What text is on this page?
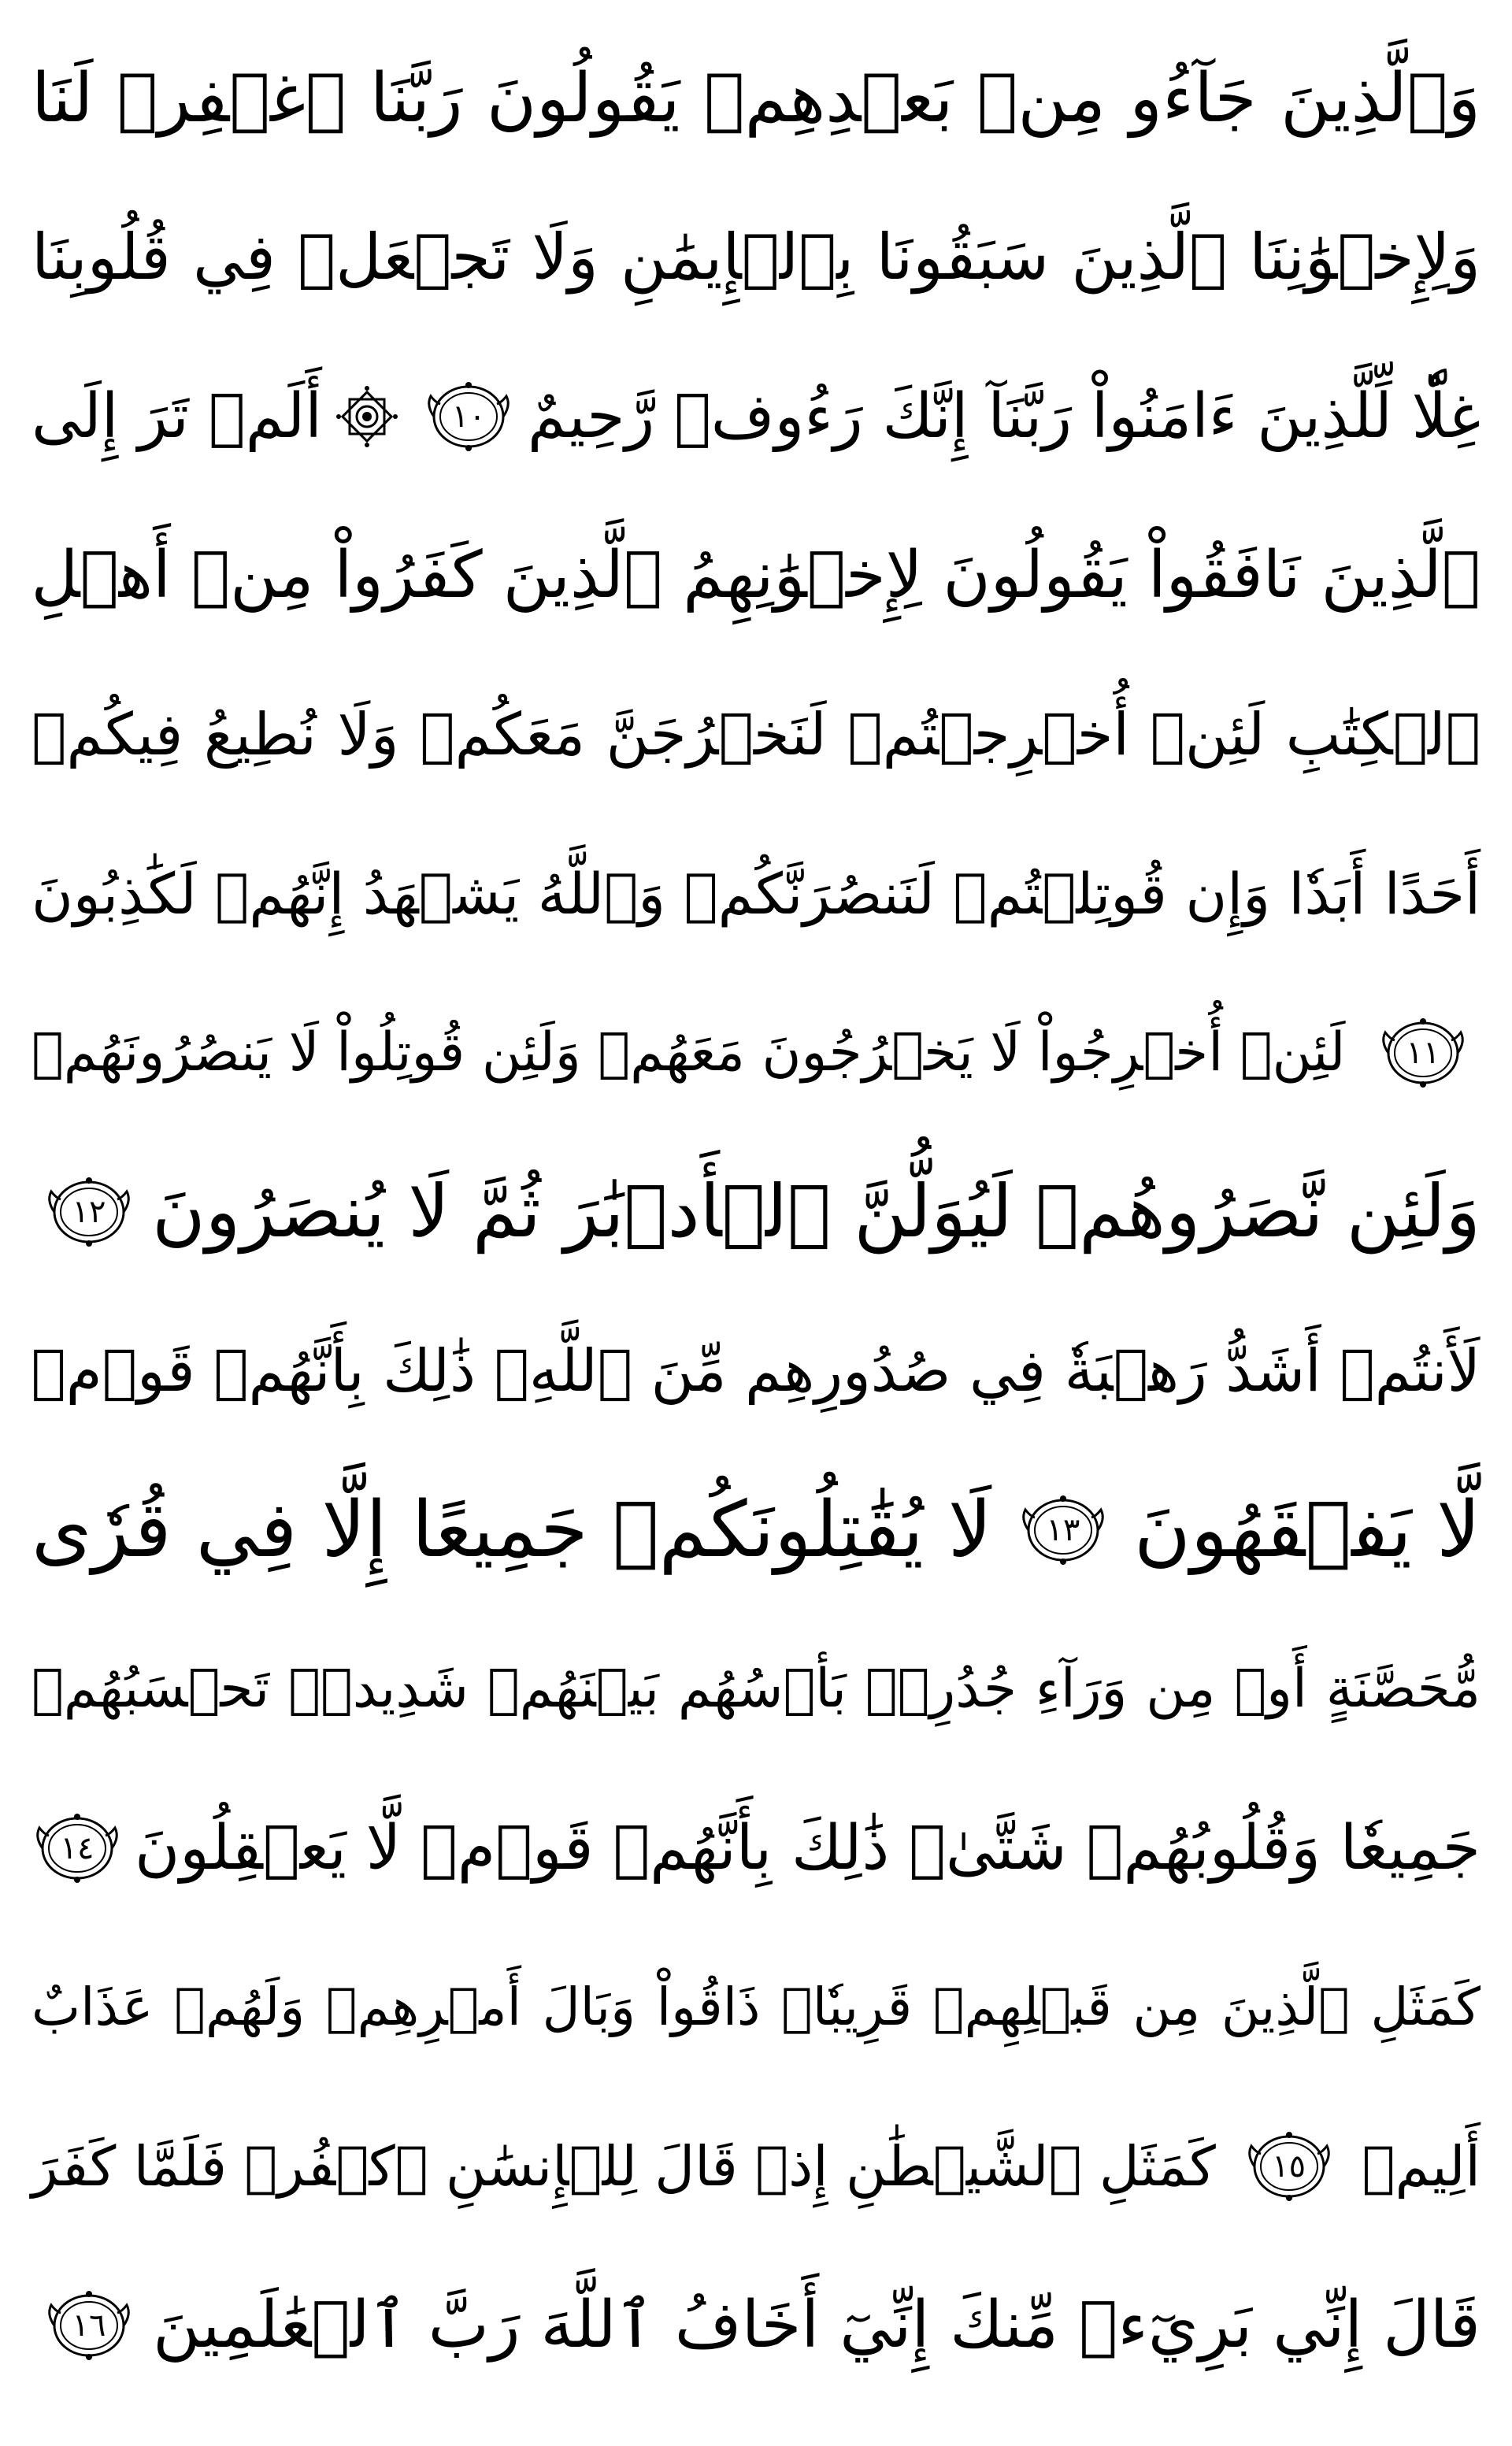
وَٱلَّذِينَ جَآءُو مِنۢ بَعۡدِهِمۡ يَقُولُونَ رَبَّنَا ٱغۡفِرۡ لَنَا
وَلِإِخۡوَٰنِنَا ٱلَّذِينَ سَبَقُونَا بِٱلۡإِيمَٰنِ وَلَا تَجۡعَلۡ فِي قُلُوبِنَا
غِلّٗا لِّلَّذِينَ ءَامَنُواْ رَبَّنَآ إِنَّكَ رَءُوفٞ رَّحِيمٌ
١٠
أَلَمۡ تَرَ إِلَى
ٱلَّذِينَ نَافَقُواْ يَقُولُونَ لِإِخۡوَٰنِهِمُ ٱلَّذِينَ كَفَرُواْ مِنۡ أَهۡلِ
ٱلۡكِتَٰبِ لَئِنۡ أُخۡرِجۡتُمۡ لَنَخۡرُجَنَّ مَعَكُمۡ وَلَا نُطِيعُ فِيكُمۡ
أَحَدًا أَبَدٗا وَإِن قُوتِلۡتُمۡ لَنَنصُرَنَّكُمۡ وَٱللَّهُ يَشۡهَدُ إِنَّهُمۡ لَكَٰذِبُونَ
١١
لَئِنۡ أُخۡرِجُواْ لَا يَخۡرُجُونَ مَعَهُمۡ وَلَئِن قُوتِلُواْ لَا يَنصُرُونَهُمۡ
وَلَئِن نَّصَرُوهُمۡ لَيُوَلُّنَّ ٱلۡأَدۡبَٰرَ ثُمَّ لَا يُنصَرُونَ
١٢
لَأَنتُمۡ أَشَدُّ رَهۡبَةٗ فِي صُدُورِهِم مِّنَ ٱللَّهِۚ ذَٰلِكَ بِأَنَّهُمۡ قَوۡمٞ
لَّا يَفۡقَهُونَ
١٣
لَا يُقَٰتِلُونَكُمۡ جَمِيعًا إِلَّا فِي قُرٗى
مُّحَصَّنَةٍ أَوۡ مِن وَرَآءِ جُدُرِۭۚ بَأۡسُهُم بَيۡنَهُمۡ شَدِيدٞۚ تَحۡسَبُهُمۡ
جَمِيعٗا وَقُلُوبُهُمۡ شَتَّىٰۚ ذَٰلِكَ بِأَنَّهُمۡ قَوۡمٞ لَّا يَعۡقِلُونَ
١٤
كَمَثَلِ ٱلَّذِينَ مِن قَبۡلِهِمۡ قَرِيبٗاۖ ذَاقُواْ وَبَالَ أَمۡرِهِمۡ وَلَهُمۡ عَذَابٌ
أَلِيمٞ
١٥
كَمَثَلِ ٱلشَّيۡطَٰنِ إِذۡ قَالَ لِلۡإِنسَٰنِ ٱكۡفُرۡ فَلَمَّا كَفَرَ
قَالَ إِنِّي بَرِيٓءٞ مِّنكَ إِنِّيٓ أَخَافُ ٱللَّهَ رَبَّ ٱلۡعَٰلَمِينَ
١٦
